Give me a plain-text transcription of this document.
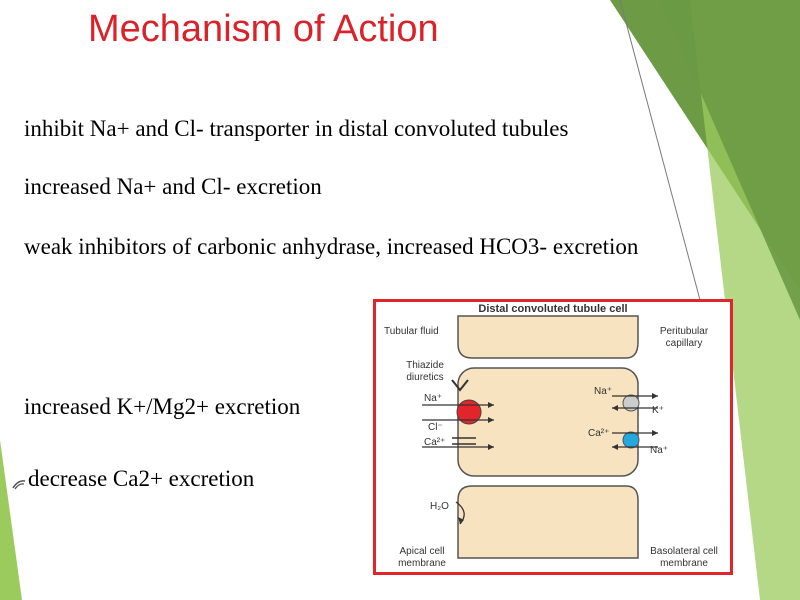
Mechanism of Action
inhibit Na+ and Cl- transporter in distal convoluted tubules
increased Na+ and Cl- excretion
weak inhibitors of carbonic anhydrase, increased HCO3- excretion
increased K+/Mg2+ excretion
decrease Ca2+ excretion
Distal convoluted tubule cell
Tubular fluid	Peritubular capillary
Thiazide diuretics
Na⁺
Cl⁻
Ca²⁺
Na⁺
K⁺
Ca²⁺
Na⁺
H₂O
Apical cell membrane
Basolateral cell membrane
